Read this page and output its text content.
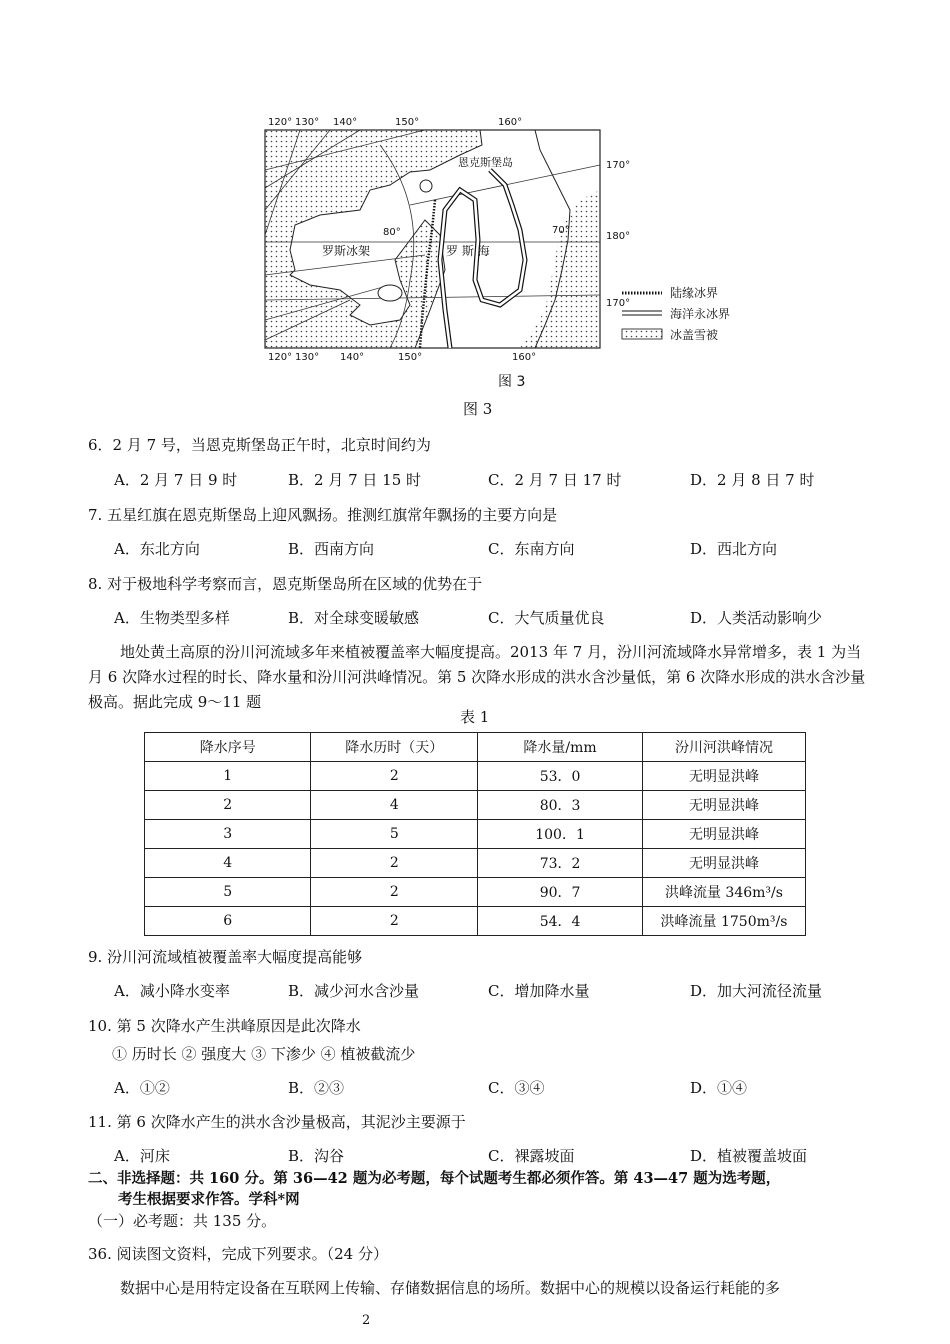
120° 130° 140°	150°	160°
120° 130° 140°	150°	160°
170°
180°
170°
80°	70°
恩克斯堡岛
罗斯冰架	罗 斯 海
陆缘冰界
海洋永冰界
冰盖雪被
图 3
图 3
6．2 月 7 号，当恩克斯堡岛正午时，北京时间约为
A．2 月 7 日 9 时	B．2 月 7 日 15 时	C．2 月 7 日 17 时	D．2 月 8 日 7 时
7. 五星红旗在恩克斯堡岛上迎风飘扬。推测红旗常年飘扬的主要方向是
A．东北方向	B．西南方向	C．东南方向	D．西北方向
8. 对于极地科学考察而言，恩克斯堡岛所在区域的优势在于
A．生物类型多样	B．对全球变暖敏感	C．大气质量优良	D．人类活动影响少
地处黄土高原的汾川河流域多年来植被覆盖率大幅度提高。2013 年 7 月，汾川河流域降水异常增多，表 1 为当月 6 次降水过程的时长、降水量和汾川河洪峰情况。第 5 次降水形成的洪水含沙量低，第 6 次降水形成的洪水含沙量极高。据此完成 9～11 题
表 1
降水序号	降水历时（天）	降水量/mm	汾川河洪峰情况
1	2	53．0	无明显洪峰
2	4	80．3	无明显洪峰
3	5	100．1	无明显洪峰
4	2	73．2	无明显洪峰
5	2	90．7	洪峰流量 346m³/s
6	2	54．4	洪峰流量 1750m³/s
9. 汾川河流域植被覆盖率大幅度提高能够
A．减小降水变率	B．减少河水含沙量	C．增加降水量	D．加大河流径流量
10. 第 5 次降水产生洪峰原因是此次降水
① 历时长 ② 强度大 ③ 下渗少 ④ 植被截流少
A．①②	B．②③	C．③④	D．①④
11. 第 6 次降水产生的洪水含沙量极高，其泥沙主要源于
A．河床	B．沟谷	C．裸露坡面	D．植被覆盖坡面
二、非选择题：共 160 分。第 36—42 题为必考题，每个试题考生都必须作答。第 43—47 题为选考题，
考生根据要求作答。学科*网
（一）必考题：共 135 分。
36. 阅读图文资料，完成下列要求。（24 分）
数据中心是用特定设备在互联网上传输、存储数据信息的场所。数据中心的规模以设备运行耗能的多
2
